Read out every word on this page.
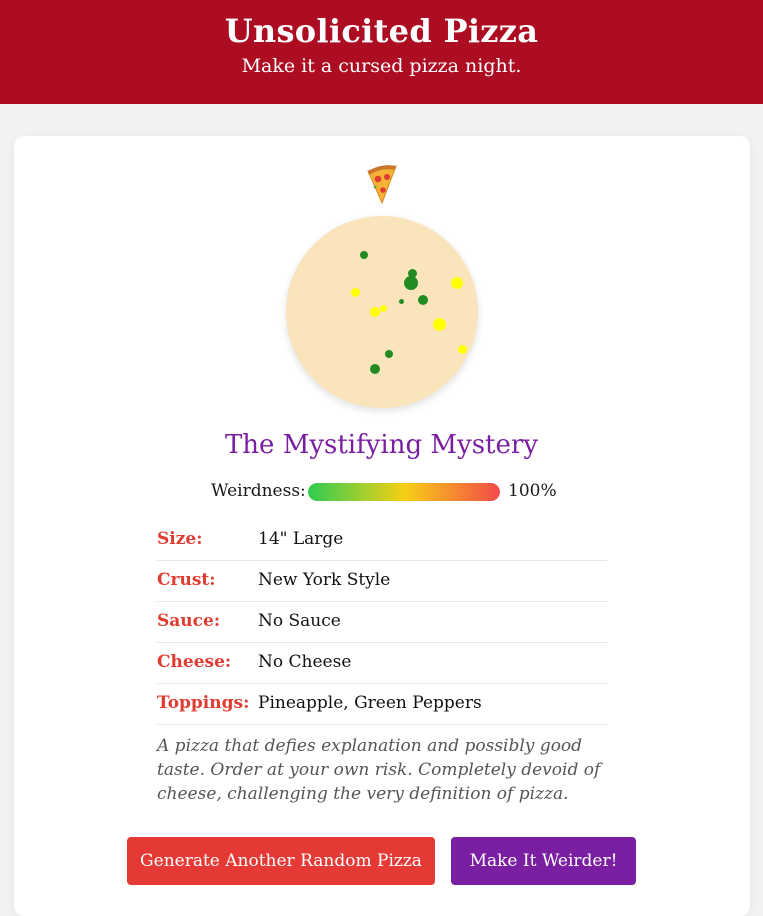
Unsolicited Pizza
Make it a cursed pizza night.
The Mystifying Mystery
Weirdness:	100%
Size:	14" Large
Crust: New York Style
Sauce: No Sauce
Cheese: No Cheese
Toppings: Pineapple, Green Peppers
A pizza that defies explanation and possibly good taste. Order at your own risk. Completely devoid of cheese, challenging the very definition of pizza.
Generate Another Random Pizza	Make It Weirder!
